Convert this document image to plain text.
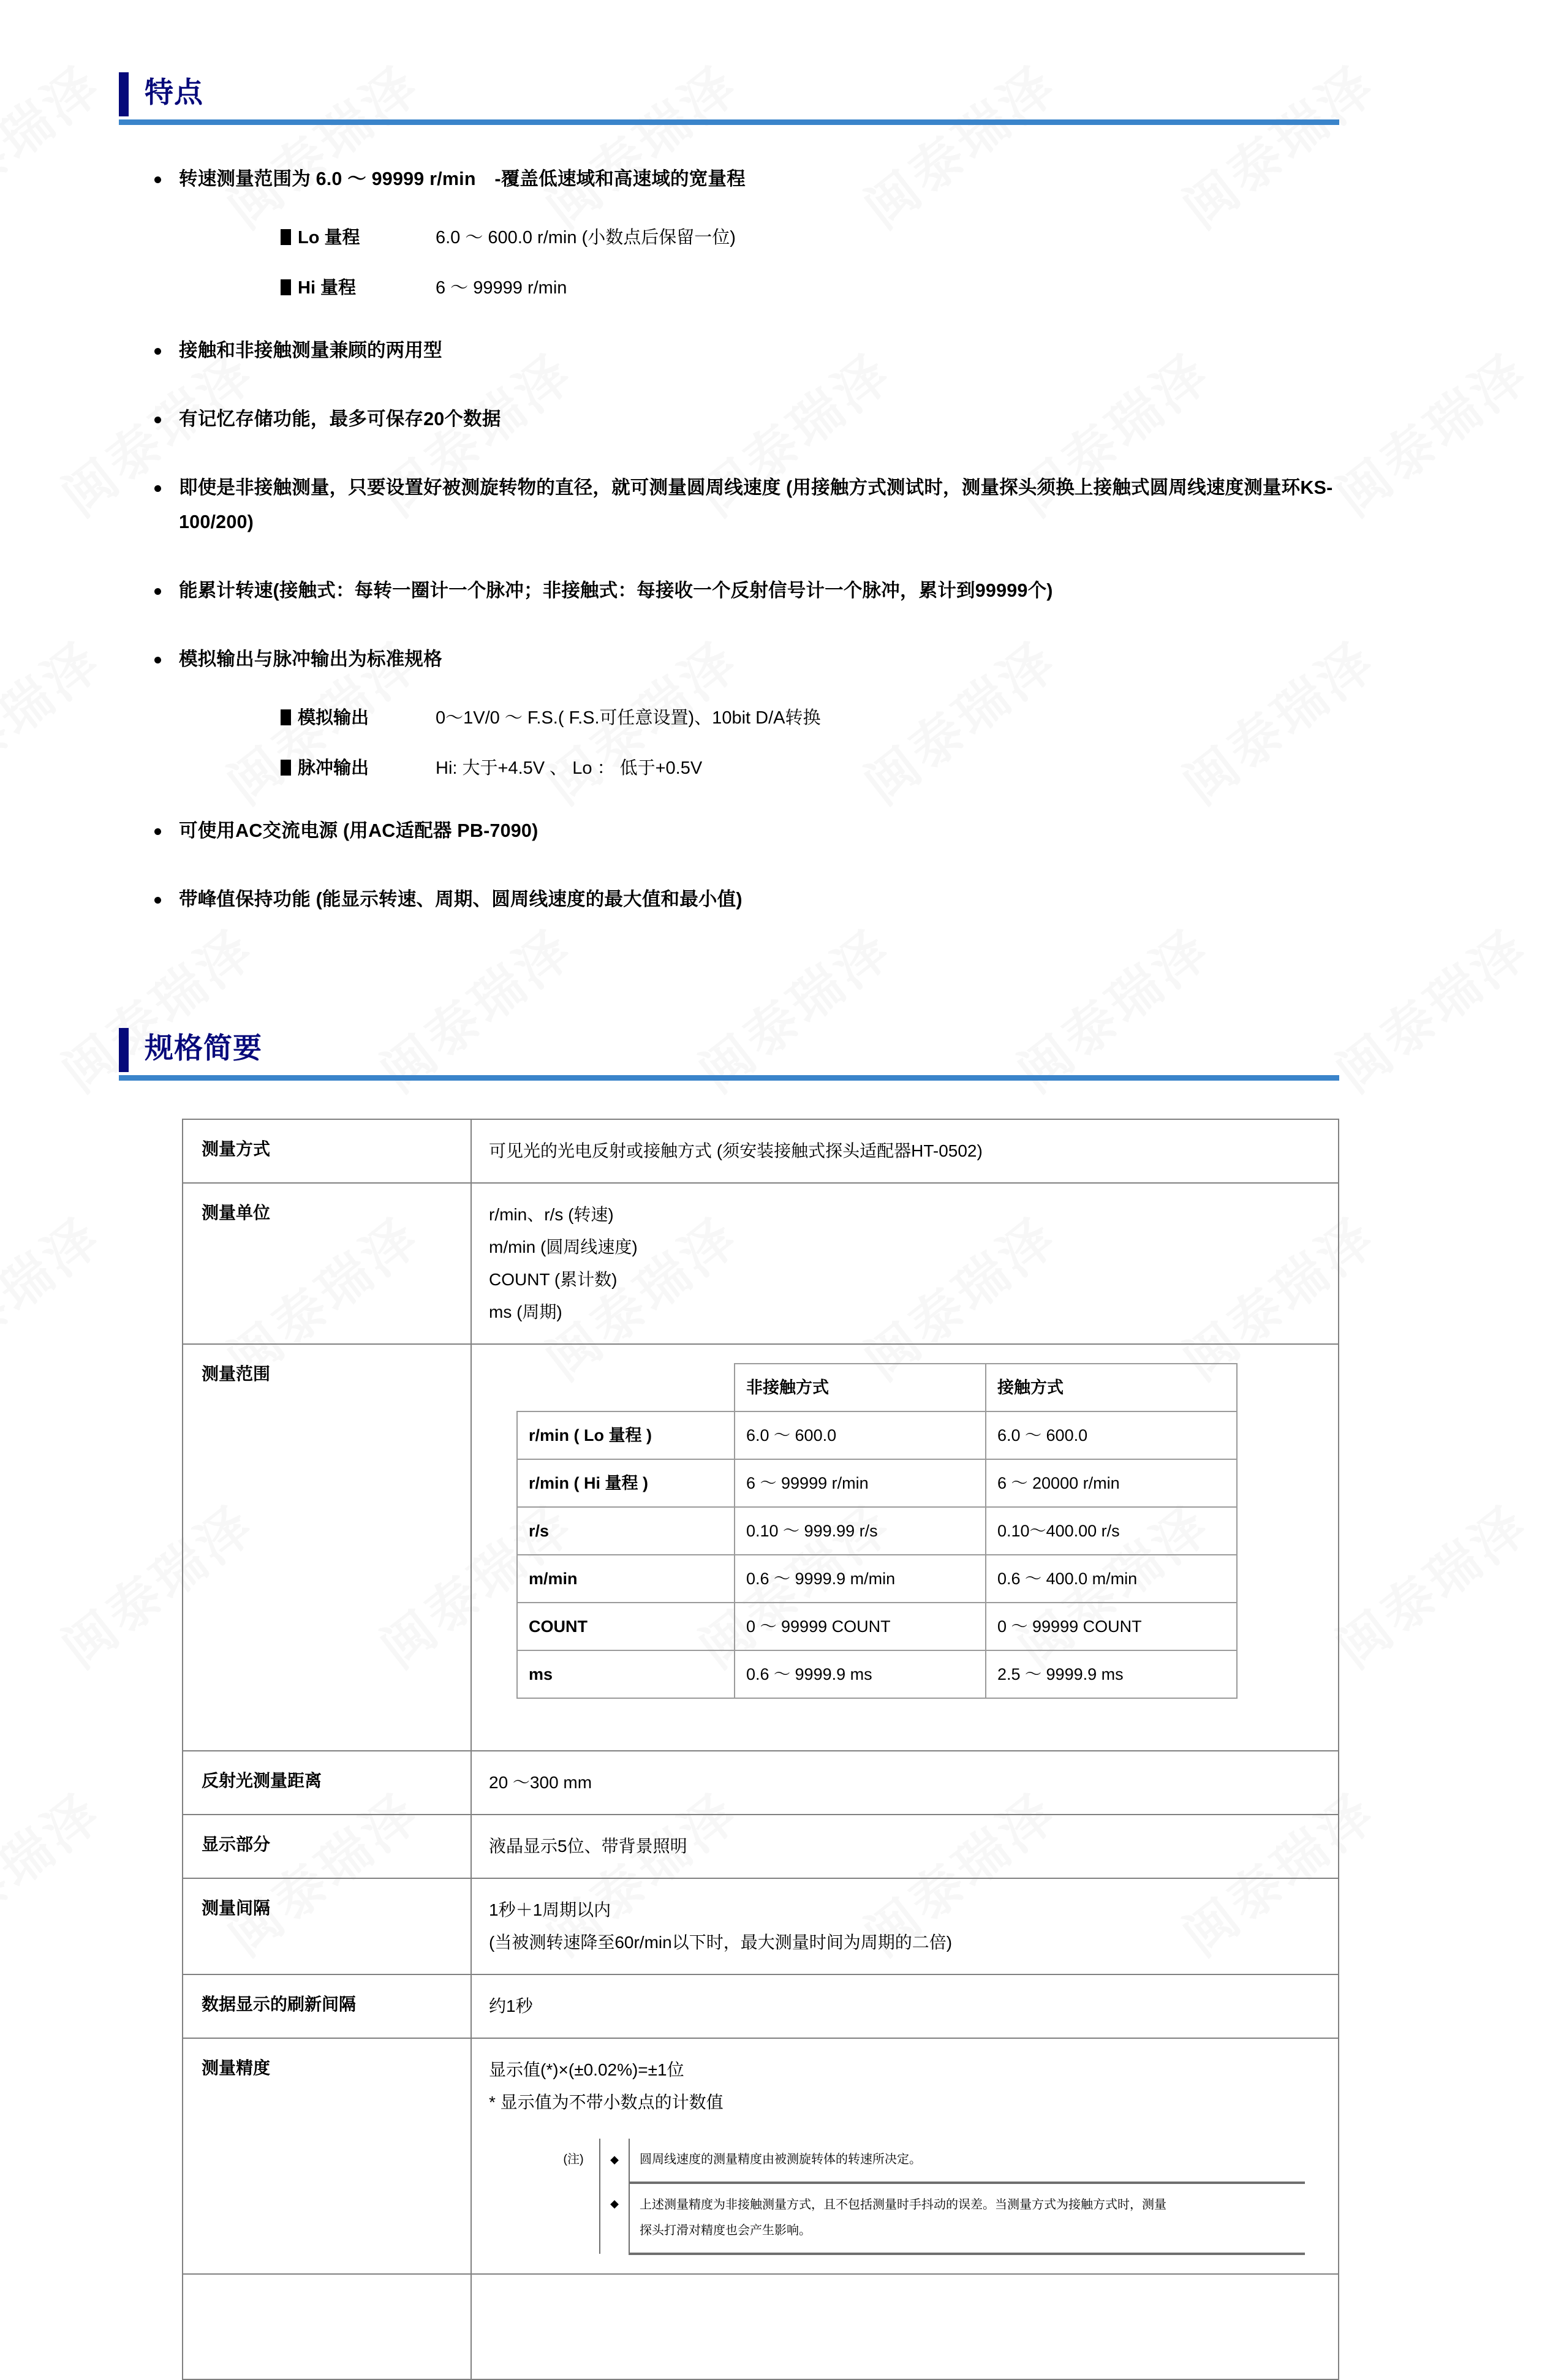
特点
转速测量范围为 6.0 ～ 99999 r/min　-覆盖低速域和高速域的宽量程
Lo 量程	6.0 ～ 600.0 r/min (小数点后保留一位)
Hi 量程	6 ～ 99999 r/min
接触和非接触测量兼顾的两用型
有记忆存储功能，最多可保存20个数据
即使是非接触测量，只要设置好被测旋转物的直径，就可测量圆周线速度 (用接触方式测试时，测量探头须换上接触式圆周线速度测量环KS-100/200)
能累计转速(接触式：每转一圈计一个脉冲；非接触式：每接收一个反射信号计一个脉冲，累计到99999个)
模拟输出与脉冲输出为标准规格
模拟输出	0～1V/0 ～ F.S.( F.S.可任意设置)、10bit D/A转换
脉冲输出	Hi: 大于+4.5V 、 Lo ： 低于+0.5V
可使用AC交流电源 (用AC适配器 PB-7090)
带峰值保持功能 (能显示转速、周期、圆周线速度的最大值和最小值)
规格简要
测量方式	可见光的光电反射或接触方式 (须安装接触式探头适配器HT-0502)

测量单位	r/min、r/s (转速)
m/min (圆周线速度)
COUNT (累计数)
ms (周期)

测量范围	
	非接触方式	接触方式
r/min ( Lo 量程 )	6.0 ～ 600.0	6.0 ～ 600.0
r/min ( Hi 量程 )	6 ～ 99999 r/min	6 ～ 20000 r/min
r/s	0.10 ～ 999.99 r/s	0.10～400.00 r/s
m/min	0.6 ～ 9999.9 m/min	0.6 ～ 400.0 m/min
COUNT	0 ～ 99999 COUNT	0 ～ 99999 COUNT
ms	0.6 ～ 9999.9 ms	2.5 ～ 9999.9 ms

反射光测量距离	20 ～300 mm

显示部分	液晶显示5位、带背景照明

测量间隔	1秒＋1周期以内
(当被测转速降至60r/min以下时，最大测量时间为周期的二倍)

数据显示的刷新间隔	约1秒

测量精度	显示值(*)×(±0.02%)=±1位
* 显示值为不带小数点的计数值
(注)	◆	圆周线速度的测量精度由被测旋转体的转速所决定。

	◆	上述测量精度为非接触测量方式，且不包括测量时手抖动的误差。当测量方式为接触方式时，测量
探头打滑对精度也会产生影响。
